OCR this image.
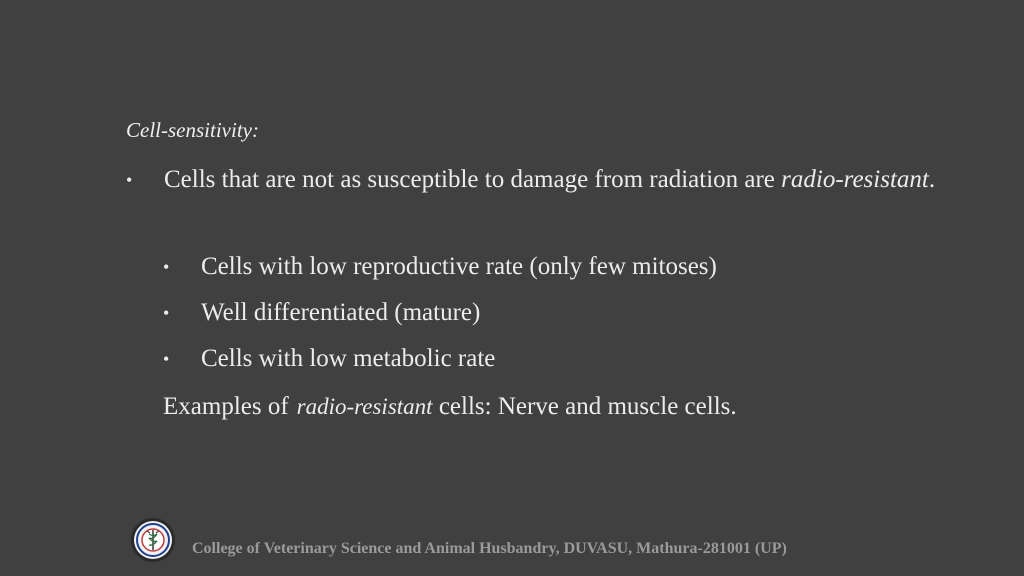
Cell-sensitivity:
•	Cells that are not as susceptible to damage from radiation are radio-resistant.
•	Cells with low reproductive rate (only few mitoses)
•	Well differentiated (mature)
•	Cells with low metabolic rate
Examples of radio-resistant cells: Nerve and muscle cells.
College of Veterinary Science and Animal Husbandry, DUVASU, Mathura-281001 (UP)
